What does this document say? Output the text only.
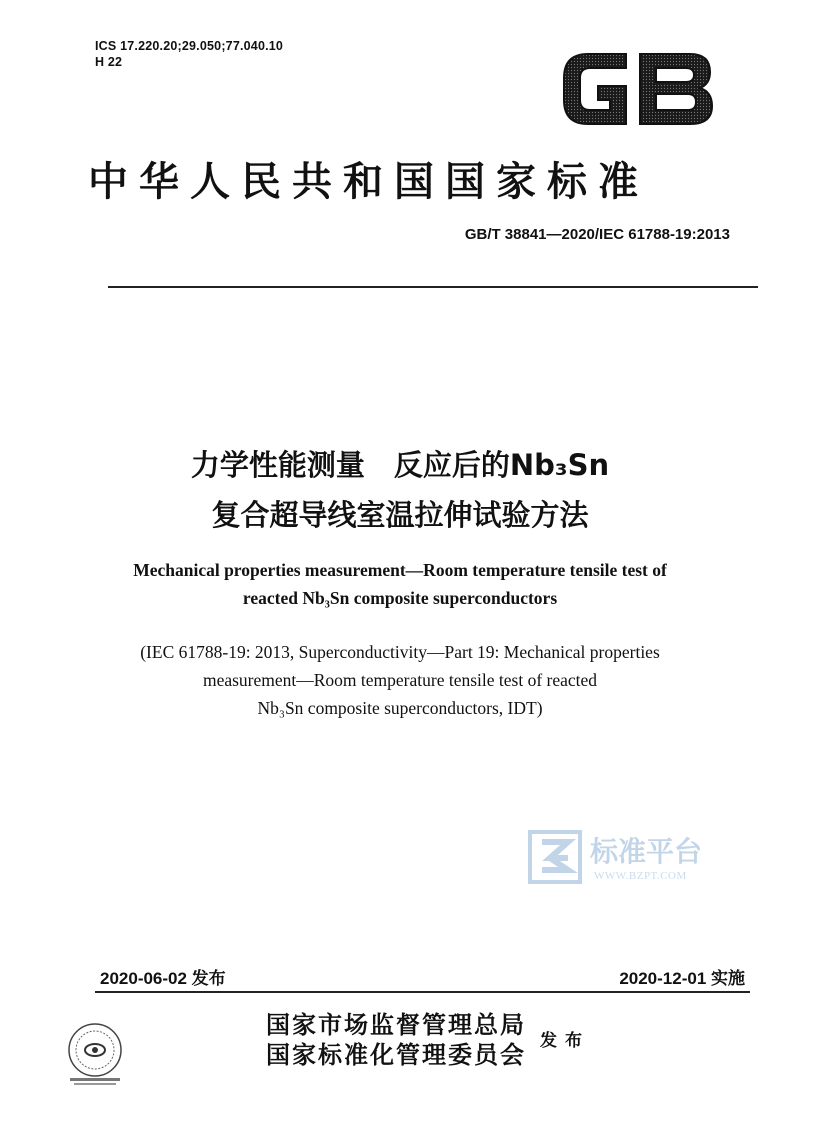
ICS 17.220.20;29.050;77.040.10
H 22
GB
中华人民共和国国家标准
GB/T 38841—2020/IEC 61788-19:2013
力学性能测量　反应后的Nb₃Sn
复合超导线室温拉伸试验方法
Mechanical properties measurement—Room temperature tensile test of
reacted Nb₃Sn composite superconductors
(IEC 61788-19: 2013, Superconductivity—Part 19: Mechanical properties
measurement—Room temperature tensile test of reacted
Nb₃Sn composite superconductors, IDT)
标准平台
WWW.BZPT.COM
2020-06-02 发布	2020-12-01 实施
国家市场监督管理总局
国家标准化管理委员会 发布
